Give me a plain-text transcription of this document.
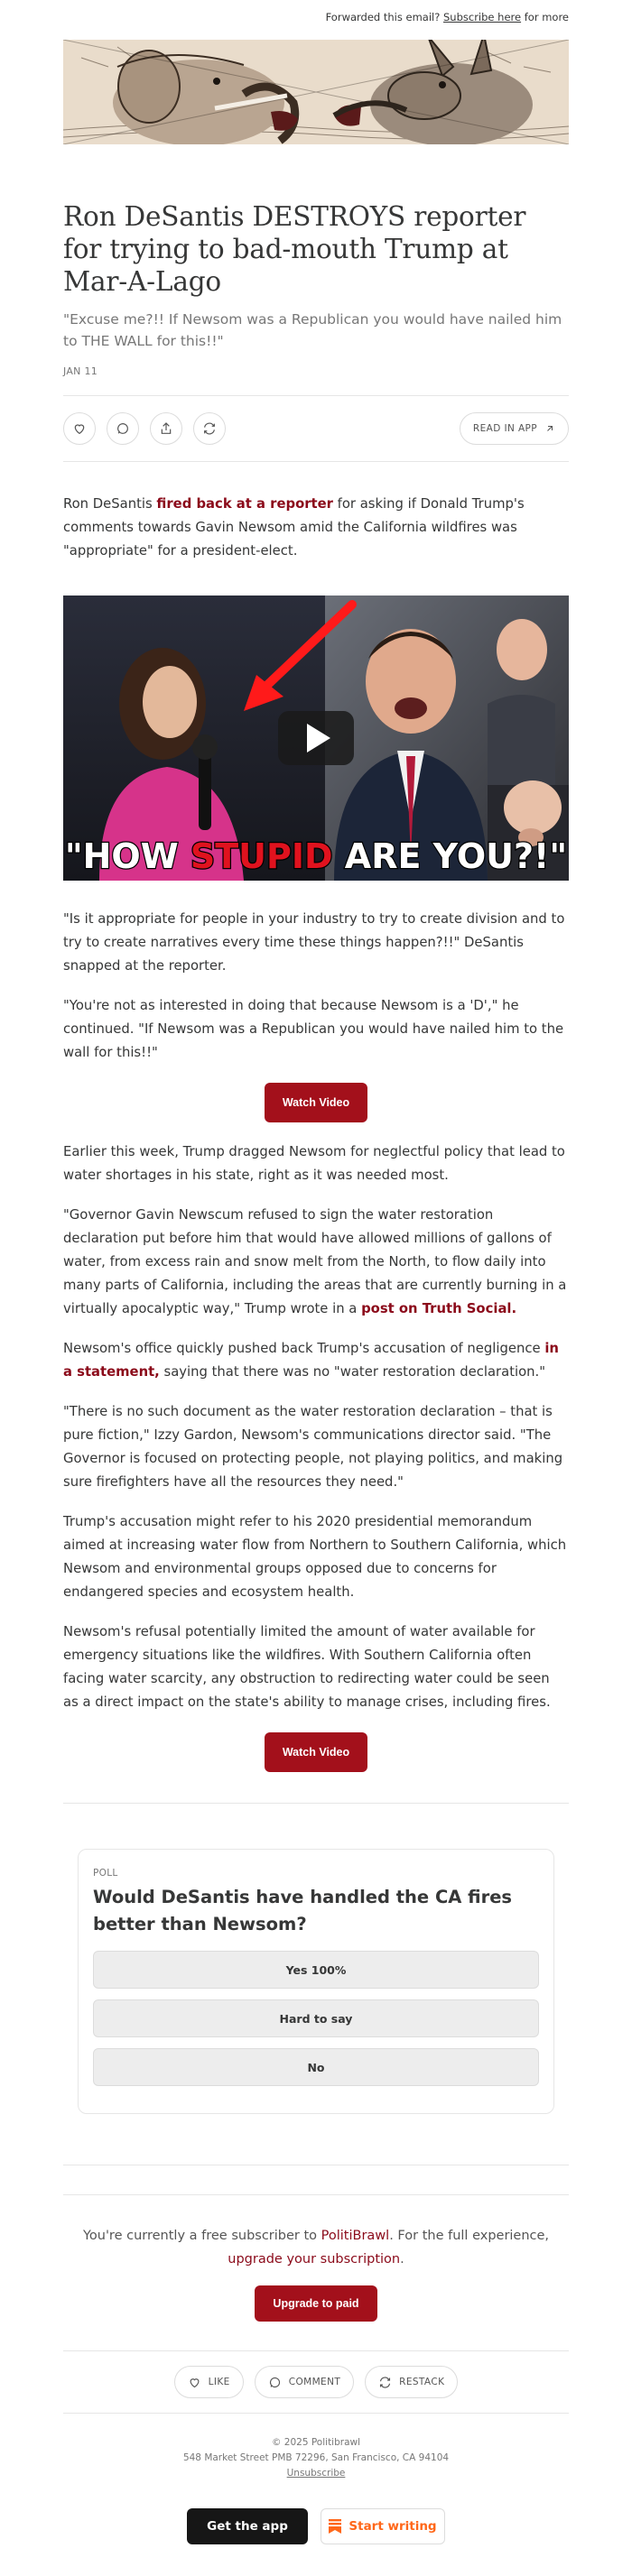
Forwarded this email? Subscribe here for more
Ron DeSantis DESTROYS reporter for trying to bad-mouth Trump at Mar-A-Lago
"Excuse me?!! If Newsom was a Republican you would have nailed him to THE WALL for this!!"
JAN 11
READ IN APP

Ron DeSantis fired back at a reporter for asking if Donald Trump's comments towards Gavin Newsom amid the California wildfires was "appropriate" for a president-elect.

"HOW STUPID ARE YOU?!"

"Is it appropriate for people in your industry to try to create division and to try to create narratives every time these things happen?!!" DeSantis snapped at the reporter.

"You're not as interested in doing that because Newsom is a 'D'," he continued. "If Newsom was a Republican you would have nailed him to the wall for this!!"

Watch Video

Earlier this week, Trump dragged Newsom for neglectful policy that lead to water shortages in his state, right as it was needed most.

"Governor Gavin Newscum refused to sign the water restoration declaration put before him that would have allowed millions of gallons of water, from excess rain and snow melt from the North, to flow daily into many parts of California, including the areas that are currently burning in a virtually apocalyptic way," Trump wrote in a post on Truth Social.

Newsom's office quickly pushed back Trump's accusation of negligence in a statement, saying that there was no "water restoration declaration."

"There is no such document as the water restoration declaration – that is pure fiction," Izzy Gardon, Newsom's communications director said. "The Governor is focused on protecting people, not playing politics, and making sure firefighters have all the resources they need."

Trump's accusation might refer to his 2020 presidential memorandum aimed at increasing water flow from Northern to Southern California, which Newsom and environmental groups opposed due to concerns for endangered species and ecosystem health.

Newsom's refusal potentially limited the amount of water available for emergency situations like the wildfires. With Southern California often facing water scarcity, any obstruction to redirecting water could be seen as a direct impact on the state's ability to manage crises, including fires.

Watch Video
POLL
Would DeSantis have handled the CA fires better than Newsom?
Yes 100%
Hard to say
No
You're currently a free subscriber to PolitiBrawl. For the full experience, upgrade your subscription.
Upgrade to paid
LIKE	COMMENT	RESTACK
© 2025 Politibrawl
548 Market Street PMB 72296, San Francisco, CA 94104
Unsubscribe
Get the app	Start writing
